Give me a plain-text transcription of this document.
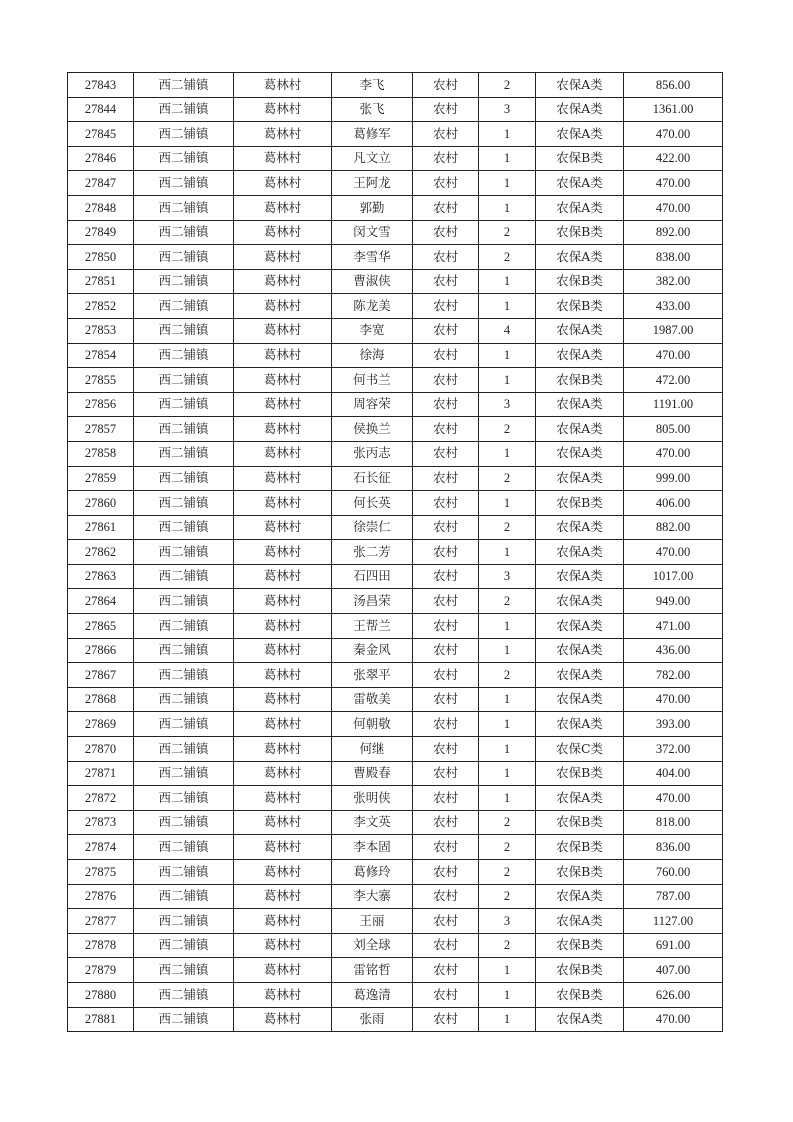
27843	西二铺镇	葛林村	李飞	农村	2	农保A类	856.00
27844	西二铺镇	葛林村	张飞	农村	3	农保A类	1361.00
27845	西二铺镇	葛林村	葛修军	农村	1	农保A类	470.00
27846	西二铺镇	葛林村	凡文立	农村	1	农保B类	422.00
27847	西二铺镇	葛林村	王阿龙	农村	1	农保A类	470.00
27848	西二铺镇	葛林村	郭勤	农村	1	农保A类	470.00
27849	西二铺镇	葛林村	闵文雪	农村	2	农保B类	892.00
27850	西二铺镇	葛林村	李雪华	农村	2	农保A类	838.00
27851	西二铺镇	葛林村	曹淑侠	农村	1	农保B类	382.00
27852	西二铺镇	葛林村	陈龙美	农村	1	农保B类	433.00
27853	西二铺镇	葛林村	李宽	农村	4	农保A类	1987.00
27854	西二铺镇	葛林村	徐海	农村	1	农保A类	470.00
27855	西二铺镇	葛林村	何书兰	农村	1	农保B类	472.00
27856	西二铺镇	葛林村	周容荣	农村	3	农保A类	1191.00
27857	西二铺镇	葛林村	侯换兰	农村	2	农保A类	805.00
27858	西二铺镇	葛林村	张丙志	农村	1	农保A类	470.00
27859	西二铺镇	葛林村	石长征	农村	2	农保A类	999.00
27860	西二铺镇	葛林村	何长英	农村	1	农保B类	406.00
27861	西二铺镇	葛林村	徐崇仁	农村	2	农保A类	882.00
27862	西二铺镇	葛林村	张二芳	农村	1	农保A类	470.00
27863	西二铺镇	葛林村	石四田	农村	3	农保A类	1017.00
27864	西二铺镇	葛林村	汤昌荣	农村	2	农保A类	949.00
27865	西二铺镇	葛林村	王帮兰	农村	1	农保A类	471.00
27866	西二铺镇	葛林村	秦金风	农村	1	农保A类	436.00
27867	西二铺镇	葛林村	张翠平	农村	2	农保A类	782.00
27868	西二铺镇	葛林村	雷敬美	农村	1	农保A类	470.00
27869	西二铺镇	葛林村	何朝敬	农村	1	农保A类	393.00
27870	西二铺镇	葛林村	何继	农村	1	农保C类	372.00
27871	西二铺镇	葛林村	曹殿春	农村	1	农保B类	404.00
27872	西二铺镇	葛林村	张明侠	农村	1	农保A类	470.00
27873	西二铺镇	葛林村	李文英	农村	2	农保B类	818.00
27874	西二铺镇	葛林村	李本固	农村	2	农保B类	836.00
27875	西二铺镇	葛林村	葛修玲	农村	2	农保B类	760.00
27876	西二铺镇	葛林村	李大寨	农村	2	农保A类	787.00
27877	西二铺镇	葛林村	王丽	农村	3	农保A类	1127.00
27878	西二铺镇	葛林村	刘全球	农村	2	农保B类	691.00
27879	西二铺镇	葛林村	雷铭哲	农村	1	农保B类	407.00
27880	西二铺镇	葛林村	葛逸清	农村	1	农保B类	626.00
27881	西二铺镇	葛林村	张雨	农村	1	农保A类	470.00
